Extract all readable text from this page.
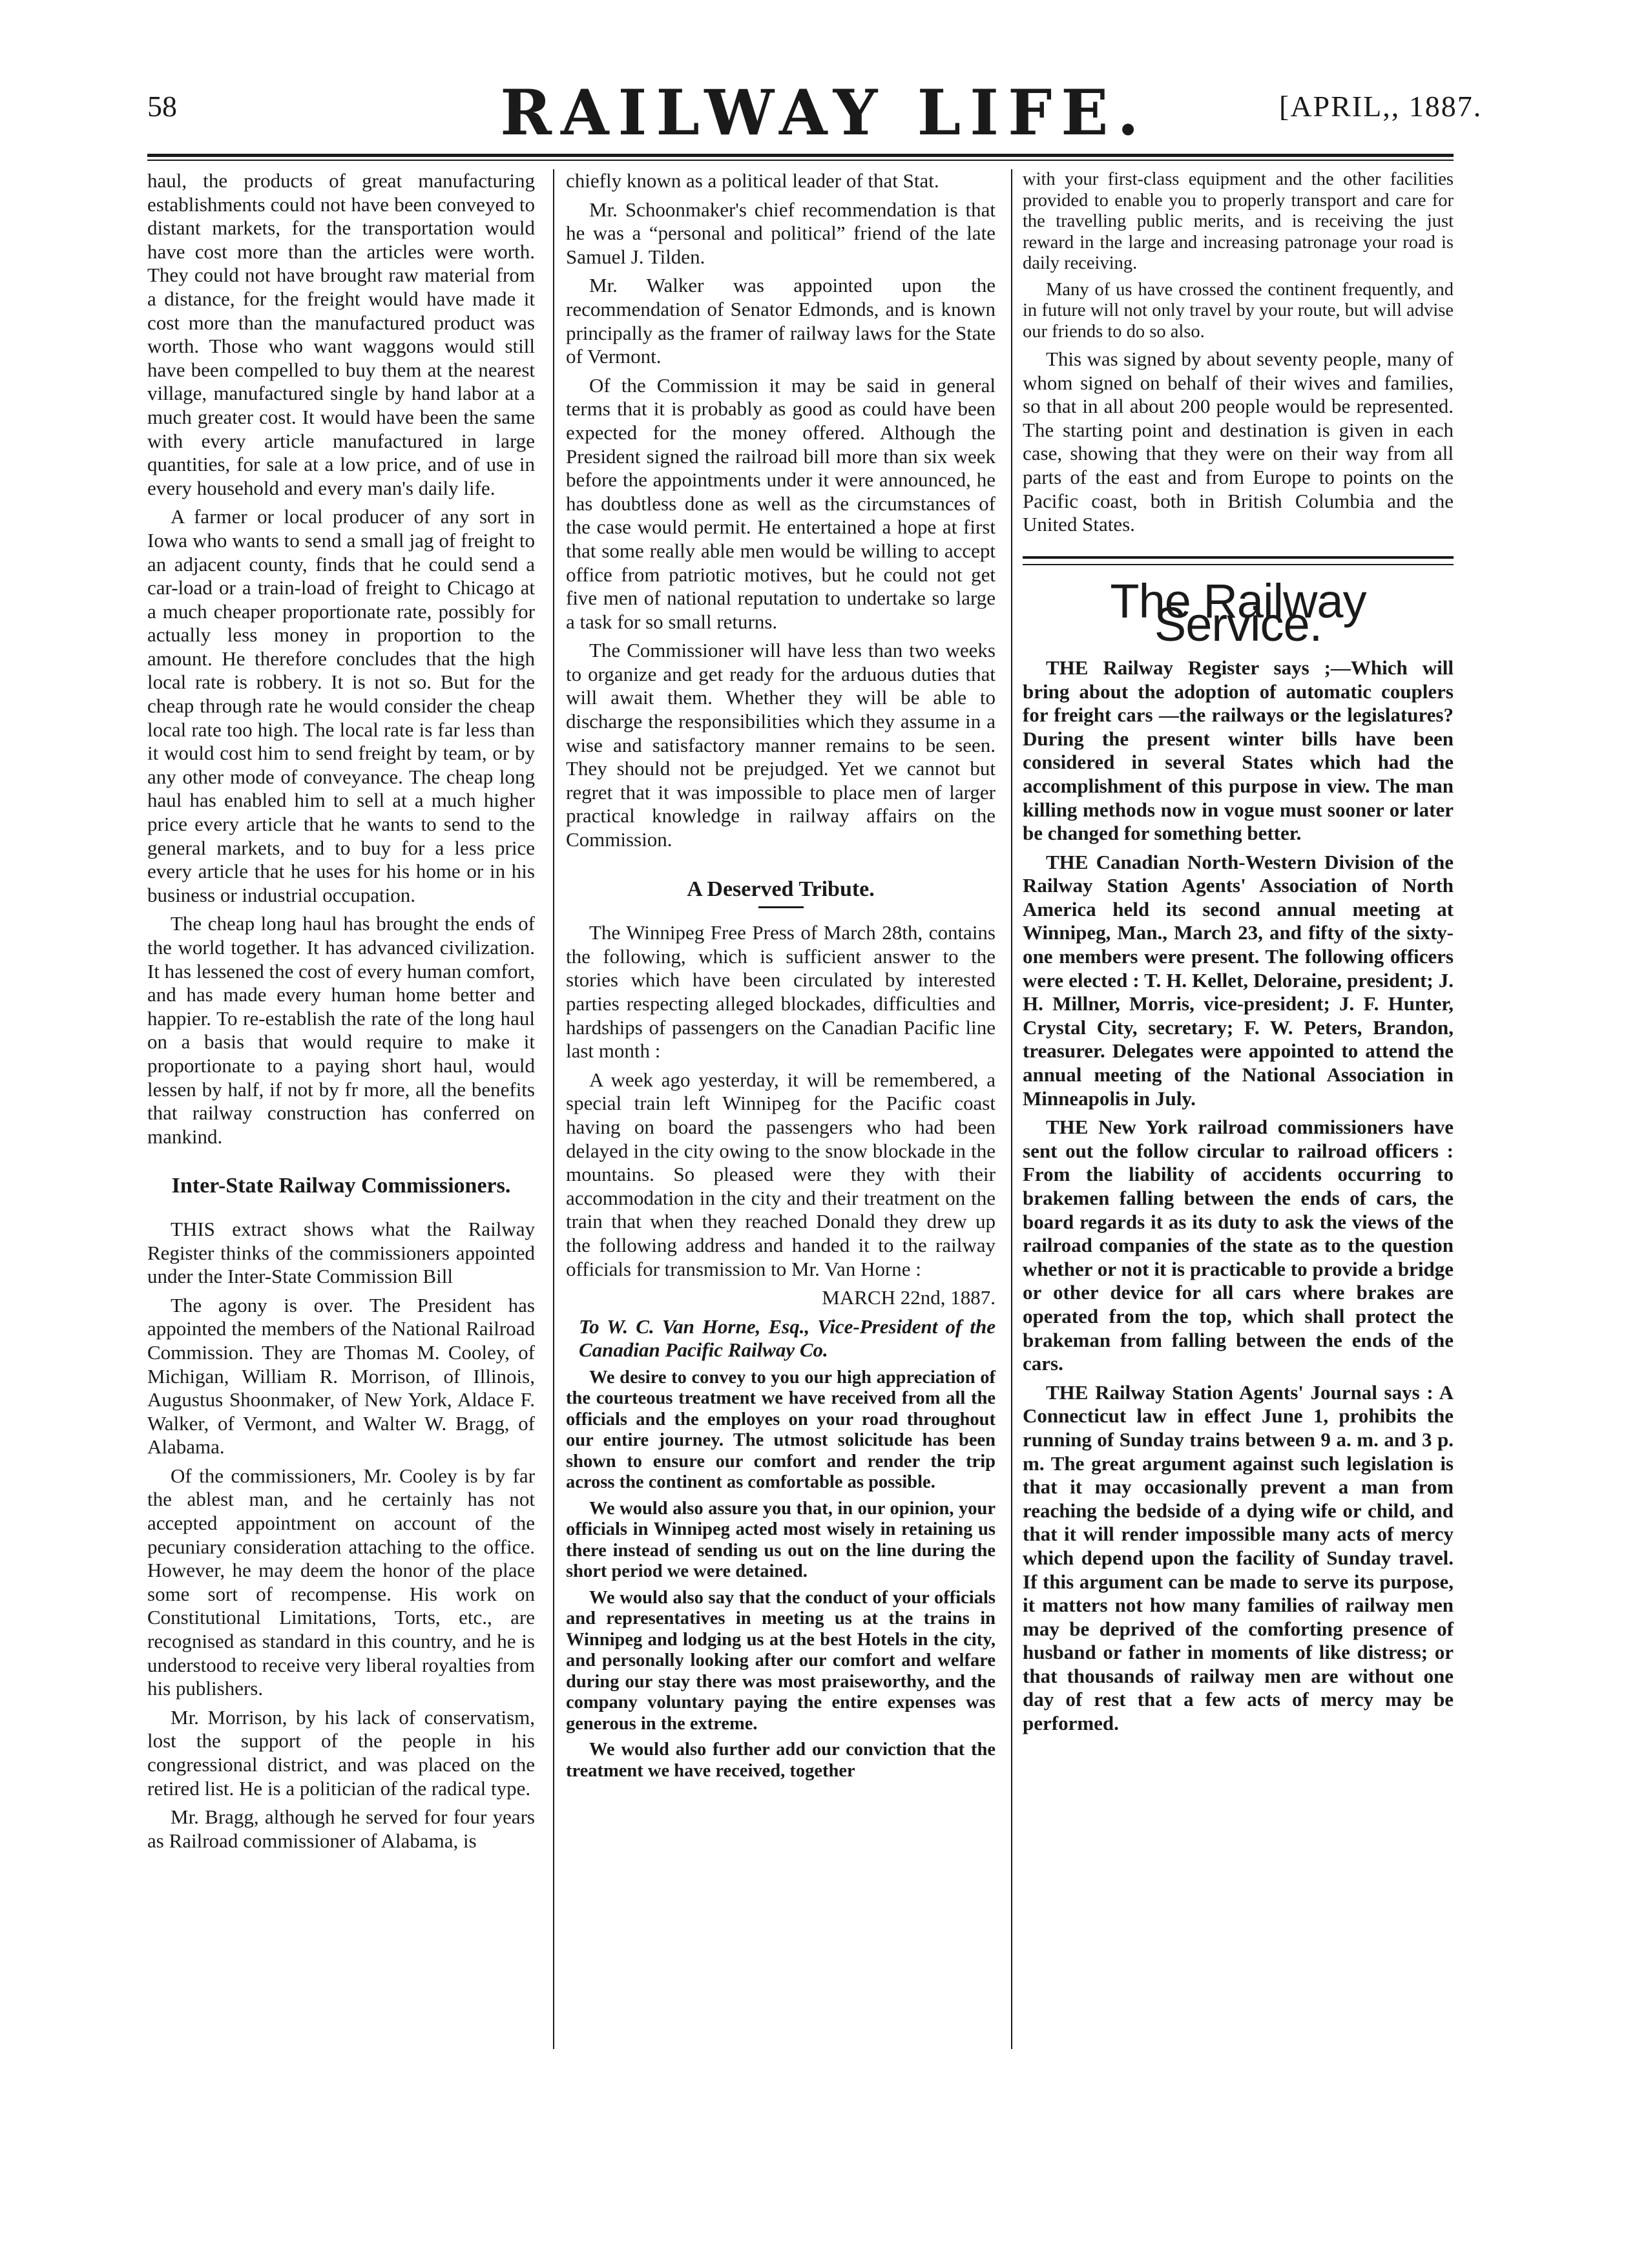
58	RAILWAY LIFE.	[APRIL,, 1887.

haul, the products of great manufacturing establishments could not have been conveyed to distant markets, for the transportation would have cost more than the articles were worth. They could not have brought raw material from a distance, for the freight would have made it cost more than the manufactured product was worth. Those who want waggons would still have been compelled to buy them at the nearest village, manufactured single by hand labor at a much greater cost. It would have been the same with every article manufactured in large quantities, for sale at a low price, and of use in every household and every man's daily life.

A farmer or local producer of any sort in Iowa who wants to send a small jag of freight to an adjacent county, finds that he could send a car-load or a train-load of freight to Chicago at a much cheaper proportionate rate, possibly for actually less money in proportion to the amount. He therefore concludes that the high local rate is robbery. It is not so. But for the cheap through rate he would consider the cheap local rate too high. The local rate is far less than it would cost him to send freight by team, or by any other mode of conveyance. The cheap long haul has enabled him to sell at a much higher price every article that he wants to send to the general markets, and to buy for a less price every article that he uses for his home or in his business or industrial occupation.

The cheap long haul has brought the ends of the world together. It has advanced civilization. It has lessened the cost of every human comfort, and has made every human home better and happier. To re-establish the rate of the long haul on a basis that would require to make it proportionate to a paying short haul, would lessen by half, if not by fr more, all the benefits that railway construction has conferred on mankind.

Inter-State Railway Commissioners.

THIS extract shows what the Railway Register thinks of the commissioners appointed under the Inter-State Commission Bill

The agony is over. The President has appointed the members of the National Railroad Commission. They are Thomas M. Cooley, of Michigan, William R. Morrison, of Illinois, Augustus Shoonmaker, of New York, Aldace F. Walker, of Vermont, and Walter W. Bragg, of Alabama.

Of the commissioners, Mr. Cooley is by far the ablest man, and he certainly has not accepted appointment on account of the pecuniary consideration attaching to the office. However, he may deem the honor of the place some sort of recompense. His work on Constitutional Limitations, Torts, etc., are recognised as standard in this country, and he is understood to receive very liberal royalties from his publishers.

Mr. Morrison, by his lack of conservatism, lost the support of the people in his congressional district, and was placed on the retired list. He is a politician of the radical type.

Mr. Bragg, although he served for four years as Railroad commissioner of Alabama, is

chiefly known as a political leader of that Stat.

Mr. Schoonmaker's chief recommendation is that he was a “personal and political” friend of the late Samuel J. Tilden.

Mr. Walker was appointed upon the recommendation of Senator Edmonds, and is known principally as the framer of railway laws for the State of Vermont.

Of the Commission it may be said in general terms that it is probably as good as could have been expected for the money offered. Although the President signed the railroad bill more than six week before the appointments under it were announced, he has doubtless done as well as the circumstances of the case would permit. He entertained a hope at first that some really able men would be willing to accept office from patriotic motives, but he could not get five men of national reputation to undertake so large a task for so small returns.

The Commissioner will have less than two weeks to organize and get ready for the arduous duties that will await them. Whether they will be able to discharge the responsibilities which they assume in a wise and satisfactory manner remains to be seen. They should not be prejudged. Yet we cannot but regret that it was impossible to place men of larger practical knowledge in railway affairs on the Commission.

A Deserved Tribute.

The Winnipeg Free Press of March 28th, contains the following, which is sufficient answer to the stories which have been circulated by interested parties respecting alleged blockades, difficulties and hardships of passengers on the Canadian Pacific line last month :

A week ago yesterday, it will be remembered, a special train left Winnipeg for the Pacific coast having on board the passengers who had been delayed in the city owing to the snow blockade in the mountains. So pleased were they with their accommodation in the city and their treatment on the train that when they reached Donald they drew up the following address and handed it to the railway officials for transmission to Mr. Van Horne :

MARCH 22nd, 1887.

To W. C. Van Horne, Esq., Vice-President of the Canadian Pacific Railway Co.

We desire to convey to you our high appreciation of the courteous treatment we have received from all the officials and the employes on your road throughout our entire journey. The utmost solicitude has been shown to ensure our comfort and render the trip across the continent as comfortable as possible.

We would also assure you that, in our opinion, your officials in Winnipeg acted most wisely in retaining us there instead of sending us out on the line during the short period we were detained.

We would also say that the conduct of your officials and representatives in meeting us at the trains in Winnipeg and lodging us at the best Hotels in the city, and personally looking after our comfort and welfare during our stay there was most praiseworthy, and the company voluntary paying the entire expenses was generous in the extreme.

We would also further add our conviction that the treatment we have received, together

with your first-class equipment and the other facilities provided to enable you to properly transport and care for the travelling public merits, and is receiving the just reward in the large and increasing patronage your road is daily receiving.

Many of us have crossed the continent frequently, and in future will not only travel by your route, but will advise our friends to do so also.

This was signed by about seventy people, many of whom signed on behalf of their wives and families, so that in all about 200 people would be represented. The starting point and destination is given in each case, showing that they were on their way from all parts of the east and from Europe to points on the Pacific coast, both in British Columbia and the United States.

The Railway Service.

THE Railway Register says ;—Which will bring about the adoption of automatic couplers for freight cars —the railways or the legislatures? During the present winter bills have been considered in several States which had the accomplishment of this purpose in view. The man killing methods now in vogue must sooner or later be changed for something better.

THE Canadian North-Western Division of the Railway Station Agents' Association of North America held its second annual meeting at Winnipeg, Man., March 23, and fifty of the sixty-one members were present. The following officers were elected : T. H. Kellet, Deloraine, president; J. H. Millner, Morris, vice-president; J. F. Hunter, Crystal City, secretary; F. W. Peters, Brandon, treasurer. Delegates were appointed to attend the annual meeting of the National Association in Minneapolis in July.

THE New York railroad commissioners have sent out the follow circular to railroad officers : From the liability of accidents occurring to brakemen falling between the ends of cars, the board regards it as its duty to ask the views of the railroad companies of the state as to the question whether or not it is practicable to provide a bridge or other device for all cars where brakes are operated from the top, which shall protect the brakeman from falling between the ends of the cars.

THE Railway Station Agents' Journal says : A Connecticut law in effect June 1, prohibits the running of Sunday trains between 9 a. m. and 3 p. m. The great argument against such legislation is that it may occasionally prevent a man from reaching the bedside of a dying wife or child, and that it will render impossible many acts of mercy which depend upon the facility of Sunday travel. If this argument can be made to serve its purpose, it matters not how many families of railway men may be deprived of the comforting presence of husband or father in moments of like distress; or that thousands of railway men are without one day of rest that a few acts of mercy may be performed.
